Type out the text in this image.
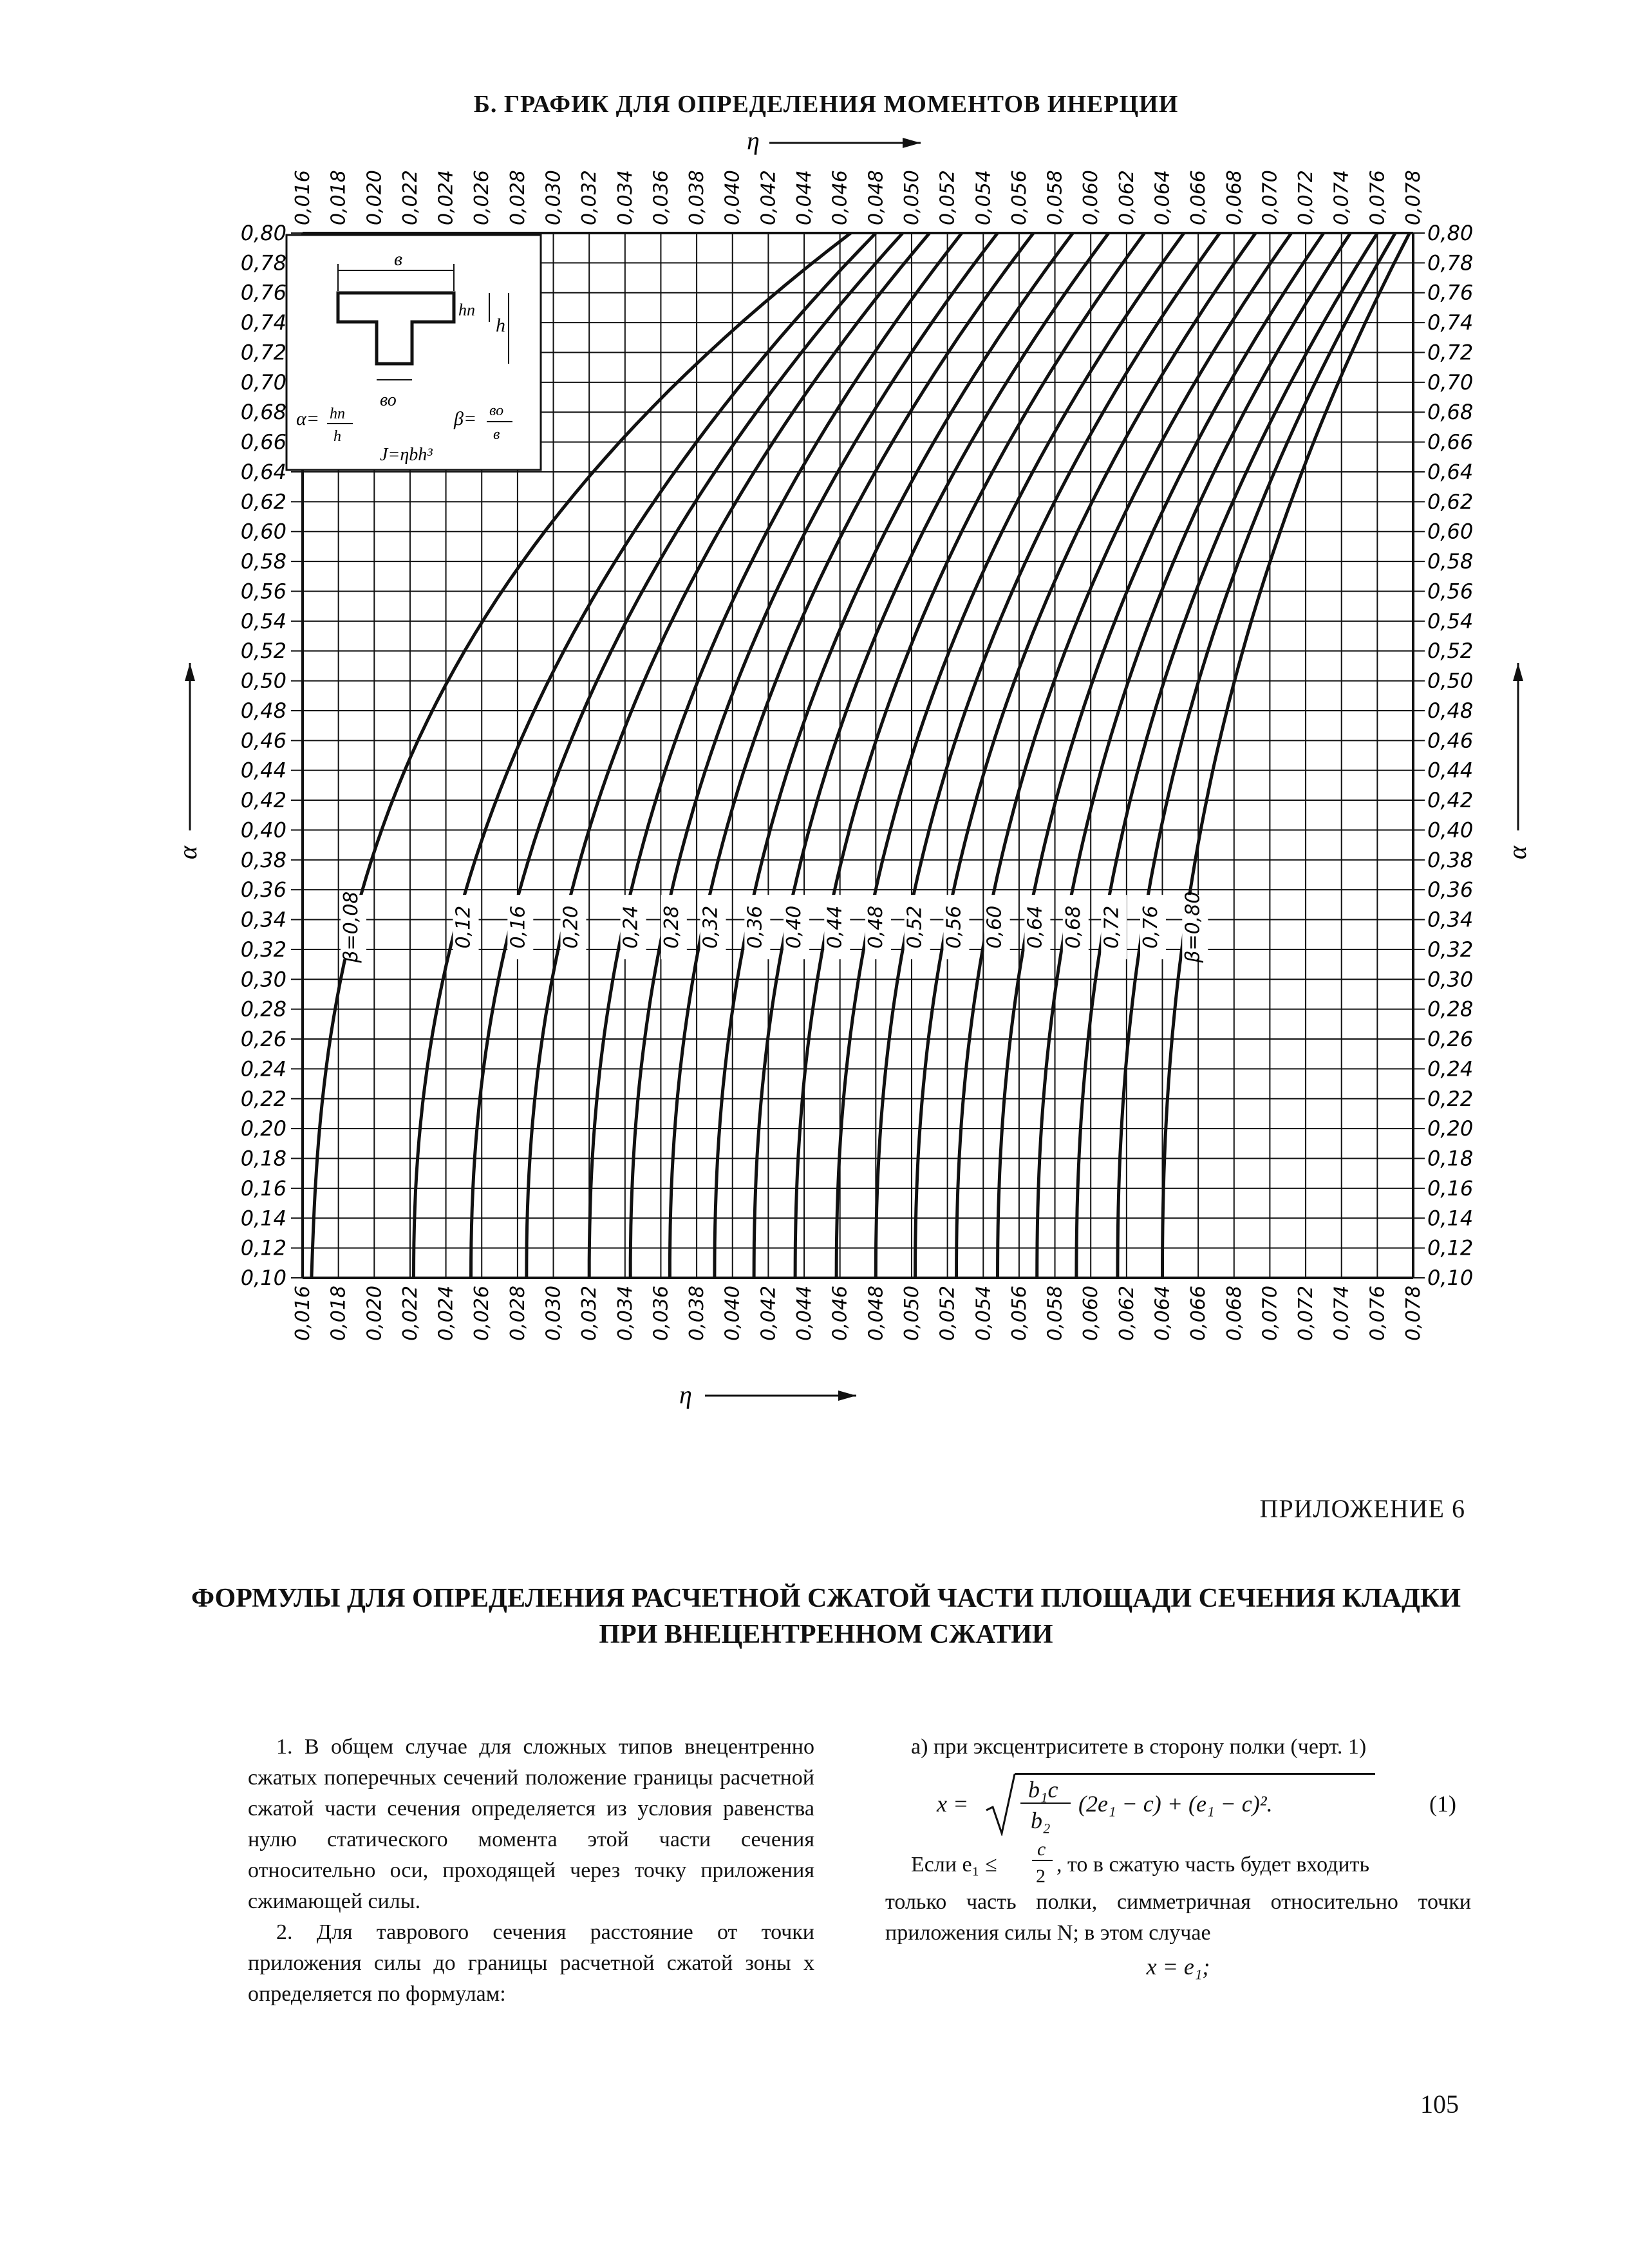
Б. ГРАФИК ДЛЯ ОПРЕДЕЛЕНИЯ МОМЕНТОВ ИНЕРЦИИ
β=0,08	0,12 0,16 0,20 0,24 0,28 0,32 0,36 0,40 0,44 0,48 0,52 0,56 0,60 0,64 0,68 0,72 0,76 β=0,80
0,10
0,12
0,14
0,16
0,18
0,20
0,22
0,24
0,26
0,28
0,30
0,32
0,34
0,36
0,38
0,40
0,42
0,44
0,46
0,48
0,50
0,52
0,54
0,56
0,58
0,60
0,62
0,64
0,66
0,68
0,70
0,72
0,74
0,76
0,78
0,80
0,10
0,12
0,14
0,16
0,18
0,20
0,22
0,24
0,26
0,28
0,30
0,32
0,34
0,36
0,38
0,40
0,42
0,44
0,46
0,48
0,50
0,52
0,54
0,56
0,58
0,60
0,62
0,64
0,66
0,68
0,70
0,72
0,74
0,76
0,78
0,80
0,016 0,018 0,020 0,022 0,024 0,026 0,028 0,030 0,032 0,034 0,036 0,038 0,040 0,042 0,044 0,046 0,048 0,050 0,052 0,054 0,056 0,058 0,060 0,062 0,064 0,066 0,068 0,070 0,072 0,074 0,076 0,078
0,016 0,018 0,020 0,022 0,024 0,026 0,028 0,030 0,032 0,034 0,036 0,038 0,040 0,042 0,044 0,046 0,048 0,050 0,052 0,054 0,056 0,058 0,060 0,062 0,064 0,066 0,068 0,070 0,072 0,074 0,076 0,078
η
η
α	α
в
hп
h
во
α= hп
h
β= во
в
J=ηbh³
ПРИЛОЖЕНИЕ 6
ФОРМУЛЫ ДЛЯ ОПРЕДЕЛЕНИЯ РАСЧЕТНОЙ СЖАТОЙ ЧАСТИ ПЛОЩАДИ СЕЧЕНИЯ КЛАДКИ
ПРИ ВНЕЦЕНТРЕННОМ СЖАТИИ

1. В общем случае для сложных типов внецентренно сжатых поперечных сечений положение границы расчетной сжатой части сечения определяется из условия равенства нулю статического момента этой части сечения относительно оси, проходящей через точку приложения сжимающей силы.

2. Для таврового сечения расстояние от точки приложения силы до границы расчетной сжатой зоны x определяется по формулам:

а) при эксцентриситете в сторону полки (черт. 1)

x =
b₁c
b₂
(2e₁ − c) + (e₁ − c)².	(1)
Если e₁ ≤
c
2 , то в сжатую часть будет входить

только часть полки, симметричная относительно точки приложения силы N; в этом случае

x = e₁;

105
